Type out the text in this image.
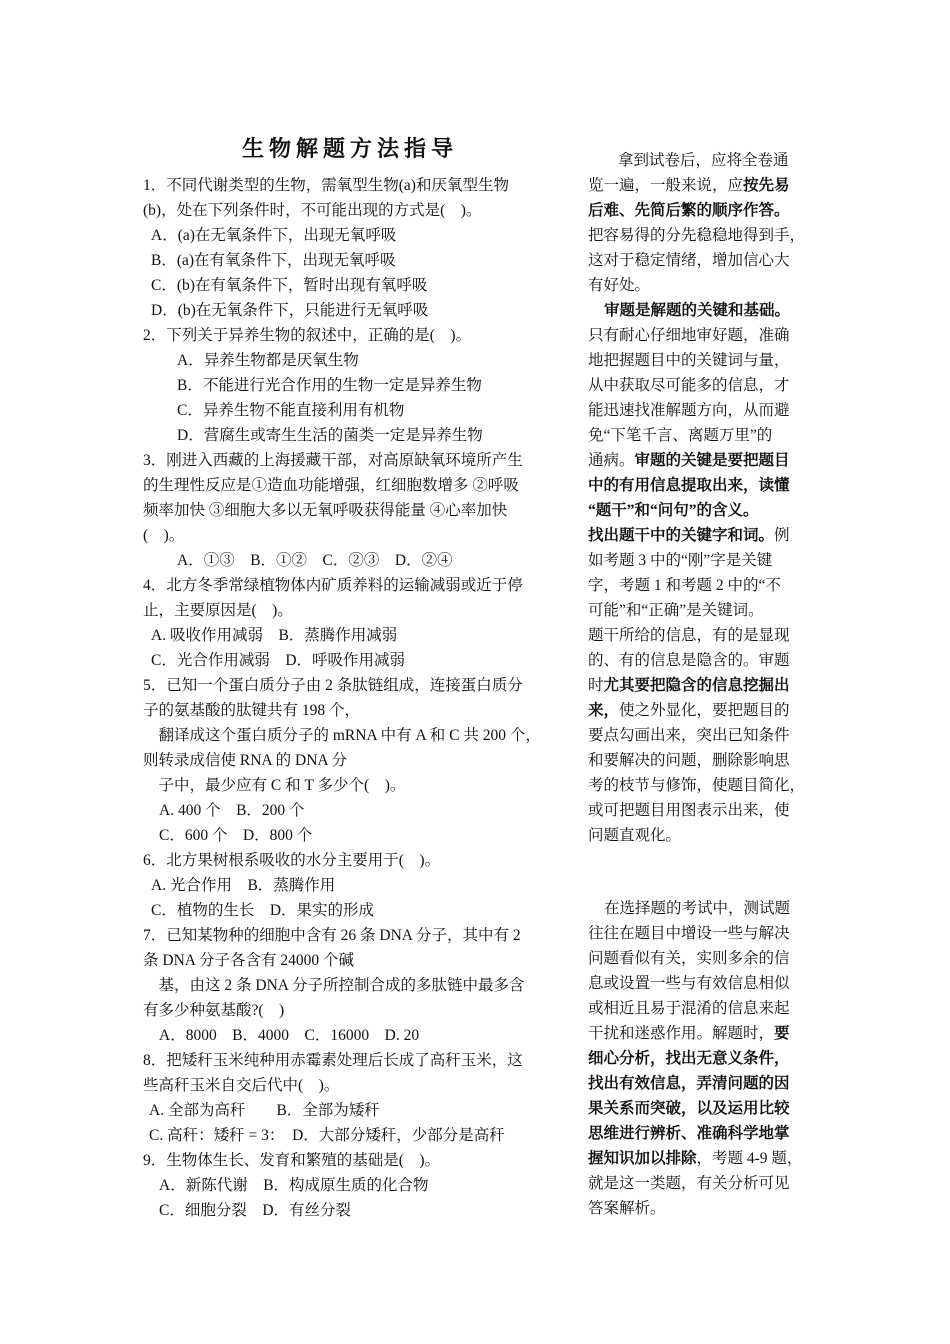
生物解题方法指导
1．不同代谢类型的生物，需氧型生物(a)和厌氧型生物
(b)，处在下列条件时，不可能出现的方式是(　)。
A．(a)在无氧条件下，出现无氧呼吸
B．(a)在有氧条件下，出现无氧呼吸
C．(b)在有氧条件下，暂时出现有氧呼吸
D．(b)在无氧条件下，只能进行无氧呼吸
2．下列关于异养生物的叙述中，正确的是(　)。
A．异养生物都是厌氧生物
B．不能进行光合作用的生物一定是异养生物
C．异养生物不能直接利用有机物
D．营腐生或寄生生活的菌类一定是异养生物
3．刚进入西藏的上海援藏干部，对高原缺氧环境所产生
的生理性反应是①造血功能增强，红细胞数增多 ②呼吸
频率加快 ③细胞大多以无氧呼吸获得能量 ④心率加快
(　)。
A．①③　B．①②　C．②③　D．②④
4．北方冬季常绿植物体内矿质养料的运输减弱或近于停
止，主要原因是(　)。
A. 吸收作用减弱　B．蒸腾作用减弱
C．光合作用减弱　D．呼吸作用减弱
5．已知一个蛋白质分子由 2 条肽链组成，连接蛋白质分
子的氨基酸的肽键共有 198 个，
　翻译成这个蛋白质分子的 mRNA 中有 A 和 C 共 200 个，
则转录成信使 RNA 的 DNA 分
　子中，最少应有 C 和 T 多少个(　)。
A. 400 个　B．200 个
C．600 个　D．800 个
6．北方果树根系吸收的水分主要用于(　)。
A. 光合作用　B．蒸腾作用
C．植物的生长　D．果实的形成
7．已知某物种的细胞中含有 26 条 DNA 分子，其中有 2
条 DNA 分子各含有 24000 个碱
　基，由这 2 条 DNA 分子所控制合成的多肽链中最多含
有多少种氨基酸?(　)
A．8000　B．4000　C．16000　D. 20
8．把矮秆玉米纯种用赤霉素处理后长成了高秆玉米，这
些高秆玉米自交后代中(　)。
A. 全部为高秆　　B．全部为矮秆
C. 高秆：矮秆 = 3：　D．大部分矮秆，少部分是高秆
9．生物体生长、发育和繁殖的基础是(　)。
A．新陈代谢　B．构成原生质的化合物
C．细胞分裂　D．有丝分裂
拿到试卷后，应将全卷通
览一遍，一般来说，应按先易
后难、先简后繁的顺序作答。
把容易得的分先稳稳地得到手，
这对于稳定情绪，增加信心大
有好处。
审题是解题的关键和基础。
只有耐心仔细地审好题，准确
地把握题目中的关键词与量，
从中获取尽可能多的信息，才
能迅速找准解题方向，从而避
免“下笔千言、离题万里”的
通病。审题的关键是要把题目
中的有用信息提取出来，读懂
“题干”和“问句”的含义。
找出题干中的关键字和词。例
如考题 3 中的“刚”字是关键
字，考题 1 和考题 2 中的“不
可能”和“正确”是关键词。
题干所给的信息，有的是显现
的、有的信息是隐含的。审题
时尤其要把隐含的信息挖掘出
来，使之外显化，要把题目的
要点勾画出来，突出已知条件
和要解决的问题，删除影响思
考的枝节与修饰，使题目简化，
或可把题目用图表示出来，使
问题直观化。
在选择题的考试中，测试题
往往在题目中增设一些与解决
问题看似有关，实则多余的信
息或设置一些与有效信息相似
或相近且易于混淆的信息来起
干扰和迷惑作用。解题时，要
细心分析，找出无意义条件，
找出有效信息，弄清问题的因
果关系而突破，以及运用比较
思维进行辨析、准确科学地掌
握知识加以排除，考题 4-9 题，
就是这一类题，有关分析可见
答案解析。
